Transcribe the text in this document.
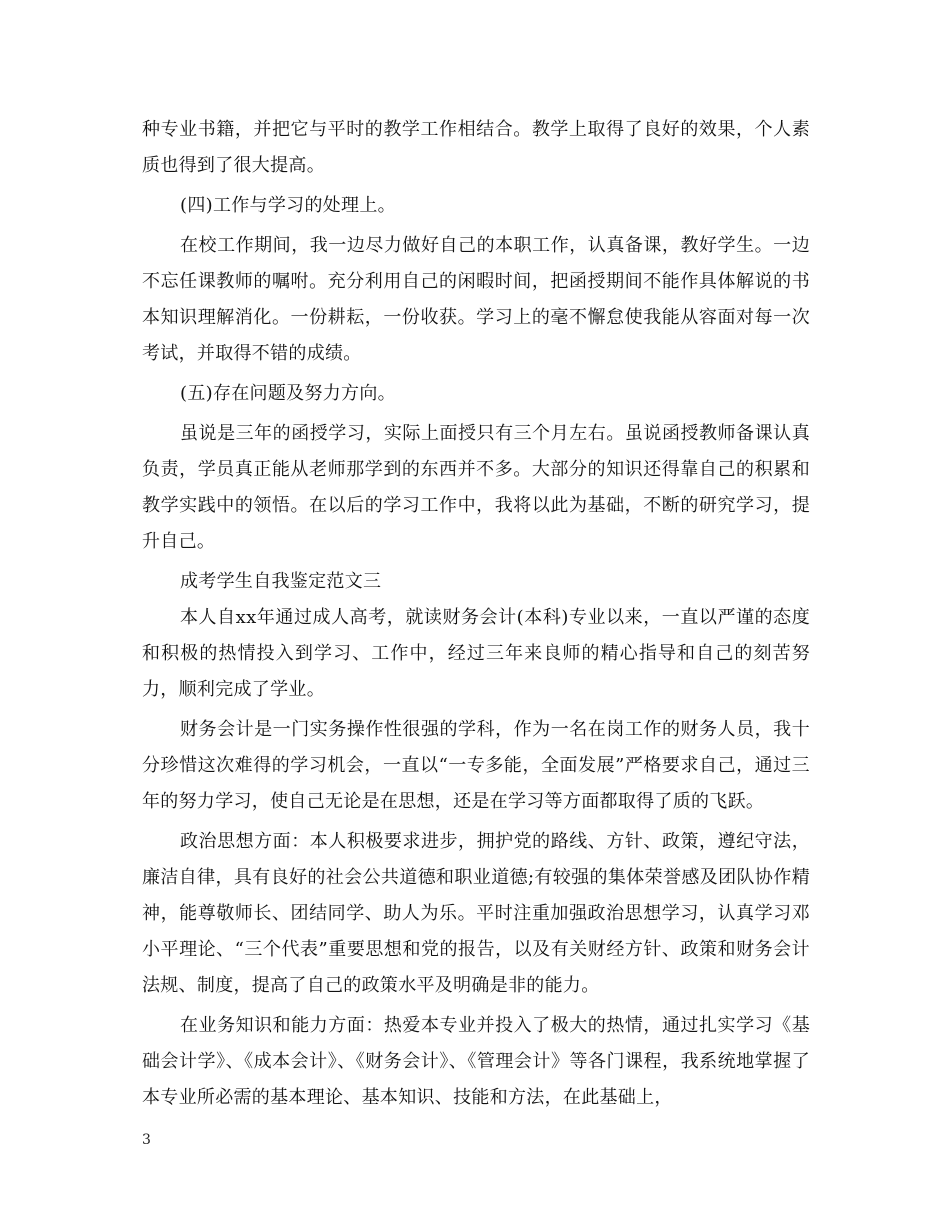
种专业书籍，并把它与平时的教学工作相结合。教学上取得了良好的效果，个人素质也得到了很大提高。

(四)工作与学习的处理上。

在校工作期间，我一边尽力做好自己的本职工作，认真备课，教好学生。一边不忘任课教师的嘱咐。充分利用自己的闲暇时间，把函授期间不能作具体解说的书本知识理解消化。一份耕耘，一份收获。学习上的毫不懈怠使我能从容面对每一次考试，并取得不错的成绩。

(五)存在问题及努力方向。

虽说是三年的函授学习，实际上面授只有三个月左右。虽说函授教师备课认真负责，学员真正能从老师那学到的东西并不多。大部分的知识还得靠自己的积累和教学实践中的领悟。在以后的学习工作中，我将以此为基础，不断的研究学习，提升自己。

成考学生自我鉴定范文三

本人自xx年通过成人高考，就读财务会计(本科)专业以来，一直以严谨的态度和积极的热情投入到学习、工作中，经过三年来良师的精心指导和自己的刻苦努力，顺利完成了学业。

财务会计是一门实务操作性很强的学科，作为一名在岗工作的财务人员，我十分珍惜这次难得的学习机会，一直以“一专多能，全面发展”严格要求自己，通过三年的努力学习，使自己无论是在思想，还是在学习等方面都取得了质的飞跃。

政治思想方面：本人积极要求进步，拥护党的路线、方针、政策，遵纪守法，廉洁自律，具有良好的社会公共道德和职业道德;有较强的集体荣誉感及团队协作精神，能尊敬师长、团结同学、助人为乐。平时注重加强政治思想学习，认真学习邓小平理论、“三个代表”重要思想和党的报告，以及有关财经方针、政策和财务会计法规、制度，提高了自己的政策水平及明确是非的能力。

在业务知识和能力方面：热爱本专业并投入了极大的热情，通过扎实学习《基础会计学》、《成本会计》、《财务会计》、《管理会计》等各门课程，我系统地掌握了本专业所必需的基本理论、基本知识、技能和方法，在此基础上，

3
